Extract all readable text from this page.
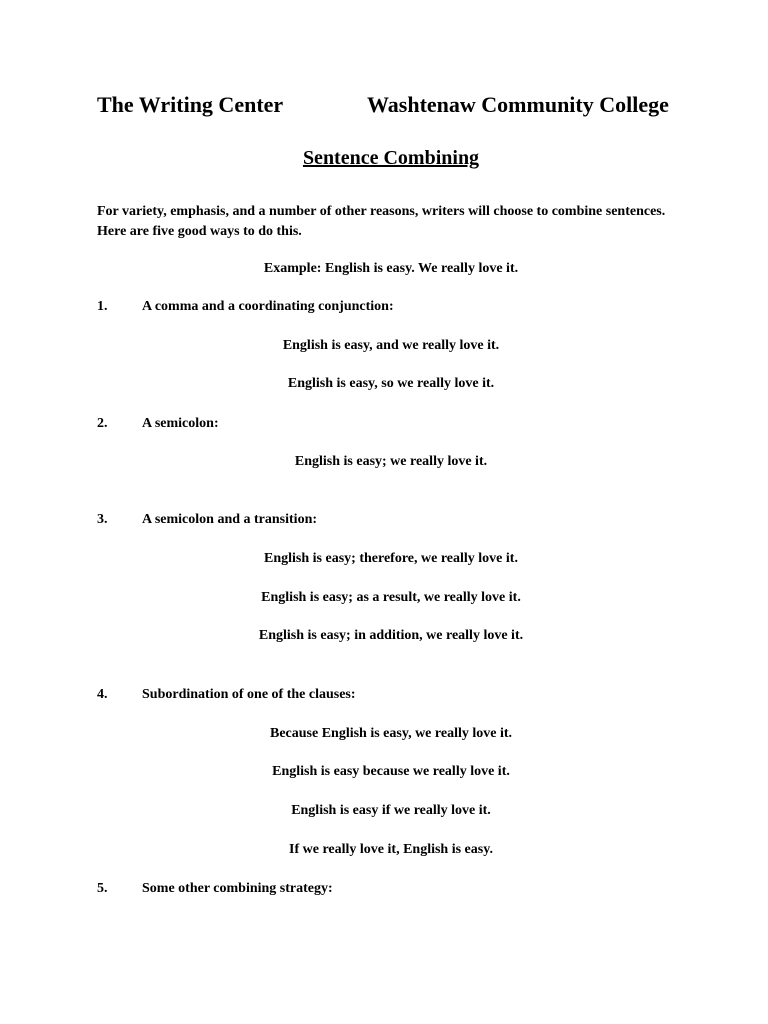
The Writing Center	Washtenaw Community College

Sentence Combining

For variety, emphasis, and a number of other reasons, writers will choose to combine sentences. Here are five good ways to do this.

Example: English is easy. We really love it.

1. A comma and a coordinating conjunction:

English is easy, and we really love it.

English is easy, so we really love it.

2. A semicolon:

English is easy; we really love it.

3. A semicolon and a transition:

English is easy; therefore, we really love it.

English is easy; as a result, we really love it.

English is easy; in addition, we really love it.

4. Subordination of one of the clauses:

Because English is easy, we really love it.

English is easy because we really love it.

English is easy if we really love it.

If we really love it, English is easy.

5. Some other combining strategy:
